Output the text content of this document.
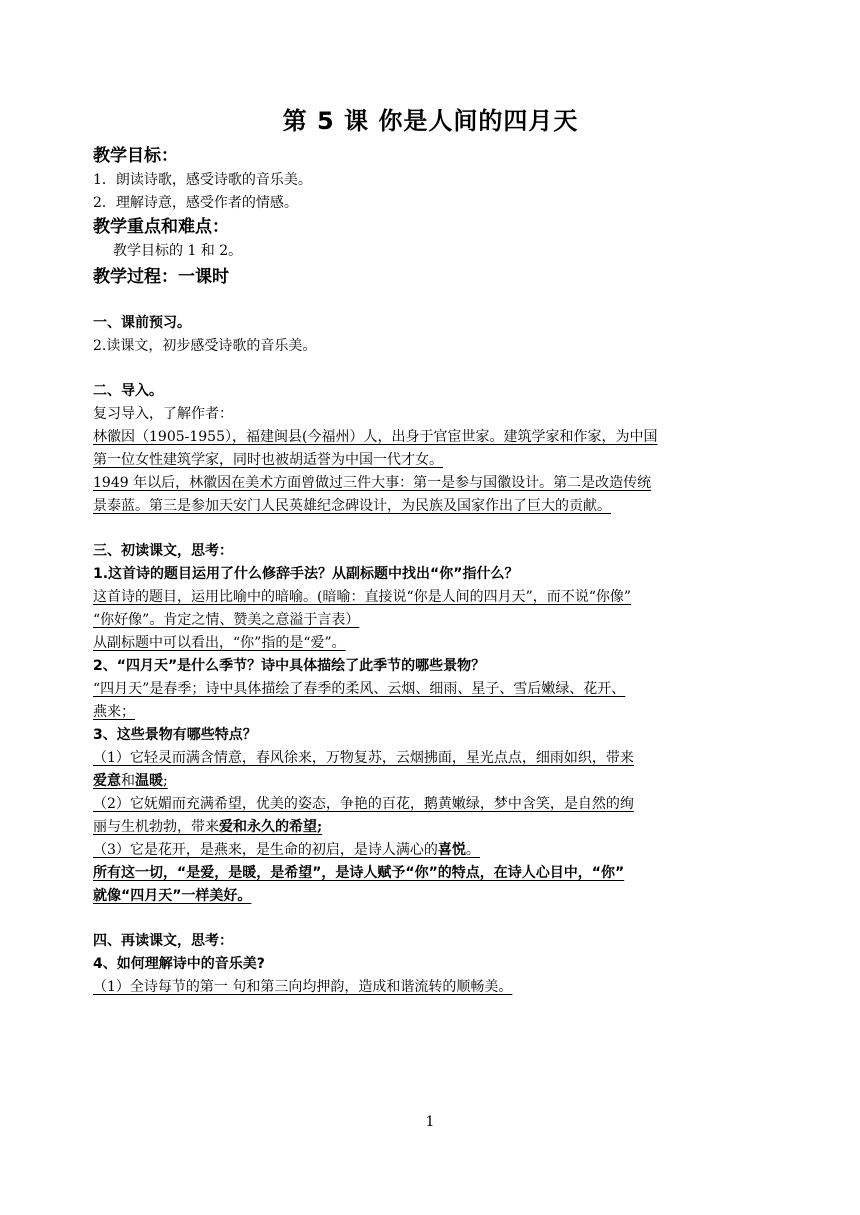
第 5 课 你是人间的四月天
教学目标：
1．朗读诗歌，感受诗歌的音乐美。
2．理解诗意，感受作者的情感。
教学重点和难点：
教学目标的 1 和 2。
教学过程：一课时
一、课前预习。
2.读课文，初步感受诗歌的音乐美。
二、导入。
复习导入，了解作者：
林徽因（1905-1955），福建闽县(今福州）人，出身于官宦世家。建筑学家和作家，为中国
第一位女性建筑学家，同时也被胡适誉为中国一代才女。
1949 年以后，林徽因在美术方面曾做过三件大事：第一是参与国徽设计。第二是改造传统
景泰蓝。第三是参加天安门人民英雄纪念碑设计，为民族及国家作出了巨大的贡献。
三、初读课文，思考：
1.这首诗的题目运用了什么修辞手法？从副标题中找出“你”指什么？
这首诗的题目，运用比喻中的暗喻。(暗喻：直接说“你是人间的四月天”，而不说“你像”
“你好像”。肯定之情、赞美之意溢于言表）
从副标题中可以看出，“你”指的是“爱”。
2、“四月天”是什么季节？诗中具体描绘了此季节的哪些景物？
“四月天”是春季；诗中具体描绘了春季的柔风、云烟、细雨、星子、雪后嫩绿、花开、
燕来；
3、这些景物有哪些特点？
（1）它轻灵而满含情意，春风徐来，万物复苏，云烟拂面，星光点点，细雨如织，带来
爱意和温暖;
（2）它妩媚而充满希望，优美的姿态，争艳的百花，鹅黄嫩绿，梦中含笑，是自然的绚
丽与生机勃勃，带来爱和永久的希望;
（3）它是花开，是燕来，是生命的初启，是诗人满心的喜悦。
所有这一切，“是爱，是暖，是希望”，是诗人赋予“你”的特点，在诗人心目中，“你”
就像“四月天”一样美好。
四、再读课文，思考：
4、如何理解诗中的音乐美?
（1）全诗每节的第一 句和第三向均押韵，造成和谐流转的顺畅美。
1
